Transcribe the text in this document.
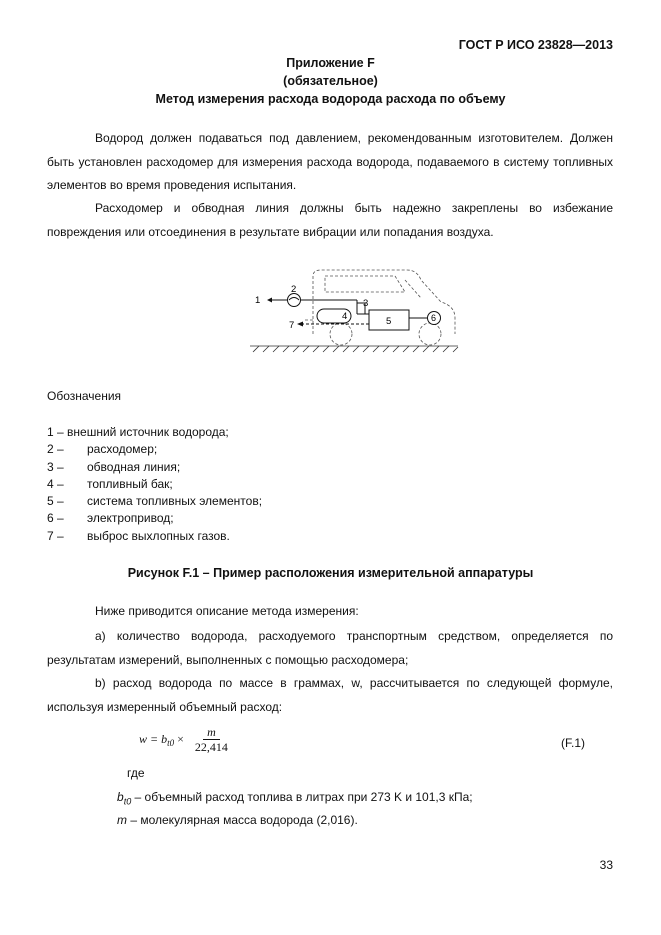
ГОСТ Р ИСО 23828—2013
Приложение F
(обязательное)
Метод измерения расхода водорода расхода по объему
Водород должен подаваться под давлением, рекомендованным изготовителем. Должен быть установлен расходомер для измерения расхода водорода, подаваемого в систему топливных элементов во время проведения испытания.
Расходомер и обводная линия должны быть надежно закреплены во избежание повреждения или отсоединения в результате вибрации или попадания воздуха.
1
2
3
4	5	6
7
Обозначения
1 – внешний источник водорода;
2 –	расходомер;
3 –	обводная линия;
4 –	топливный бак;
5 –	система топливных элементов;
6 –	электропривод;
7 –	выброс выхлопных газов.
Рисунок F.1 – Пример расположения измерительной аппаратуры
Ниже приводится описание метода измерения:
а) количество водорода, расходуемого транспортным средством, определяется по результатам измерений, выполненных с помощью расходомера;
b) расход водорода по массе в граммах, w, рассчитывается по следующей формуле, используя измеренный объемный расход:
$w = b_{t0} \times \frac{m}{22,414}$	(F.1)
где
$b_{t0}$ – объемный расход топлива в литрах при 273 K и 101,3 кПа;
m – молекулярная масса водорода (2,016).
33
